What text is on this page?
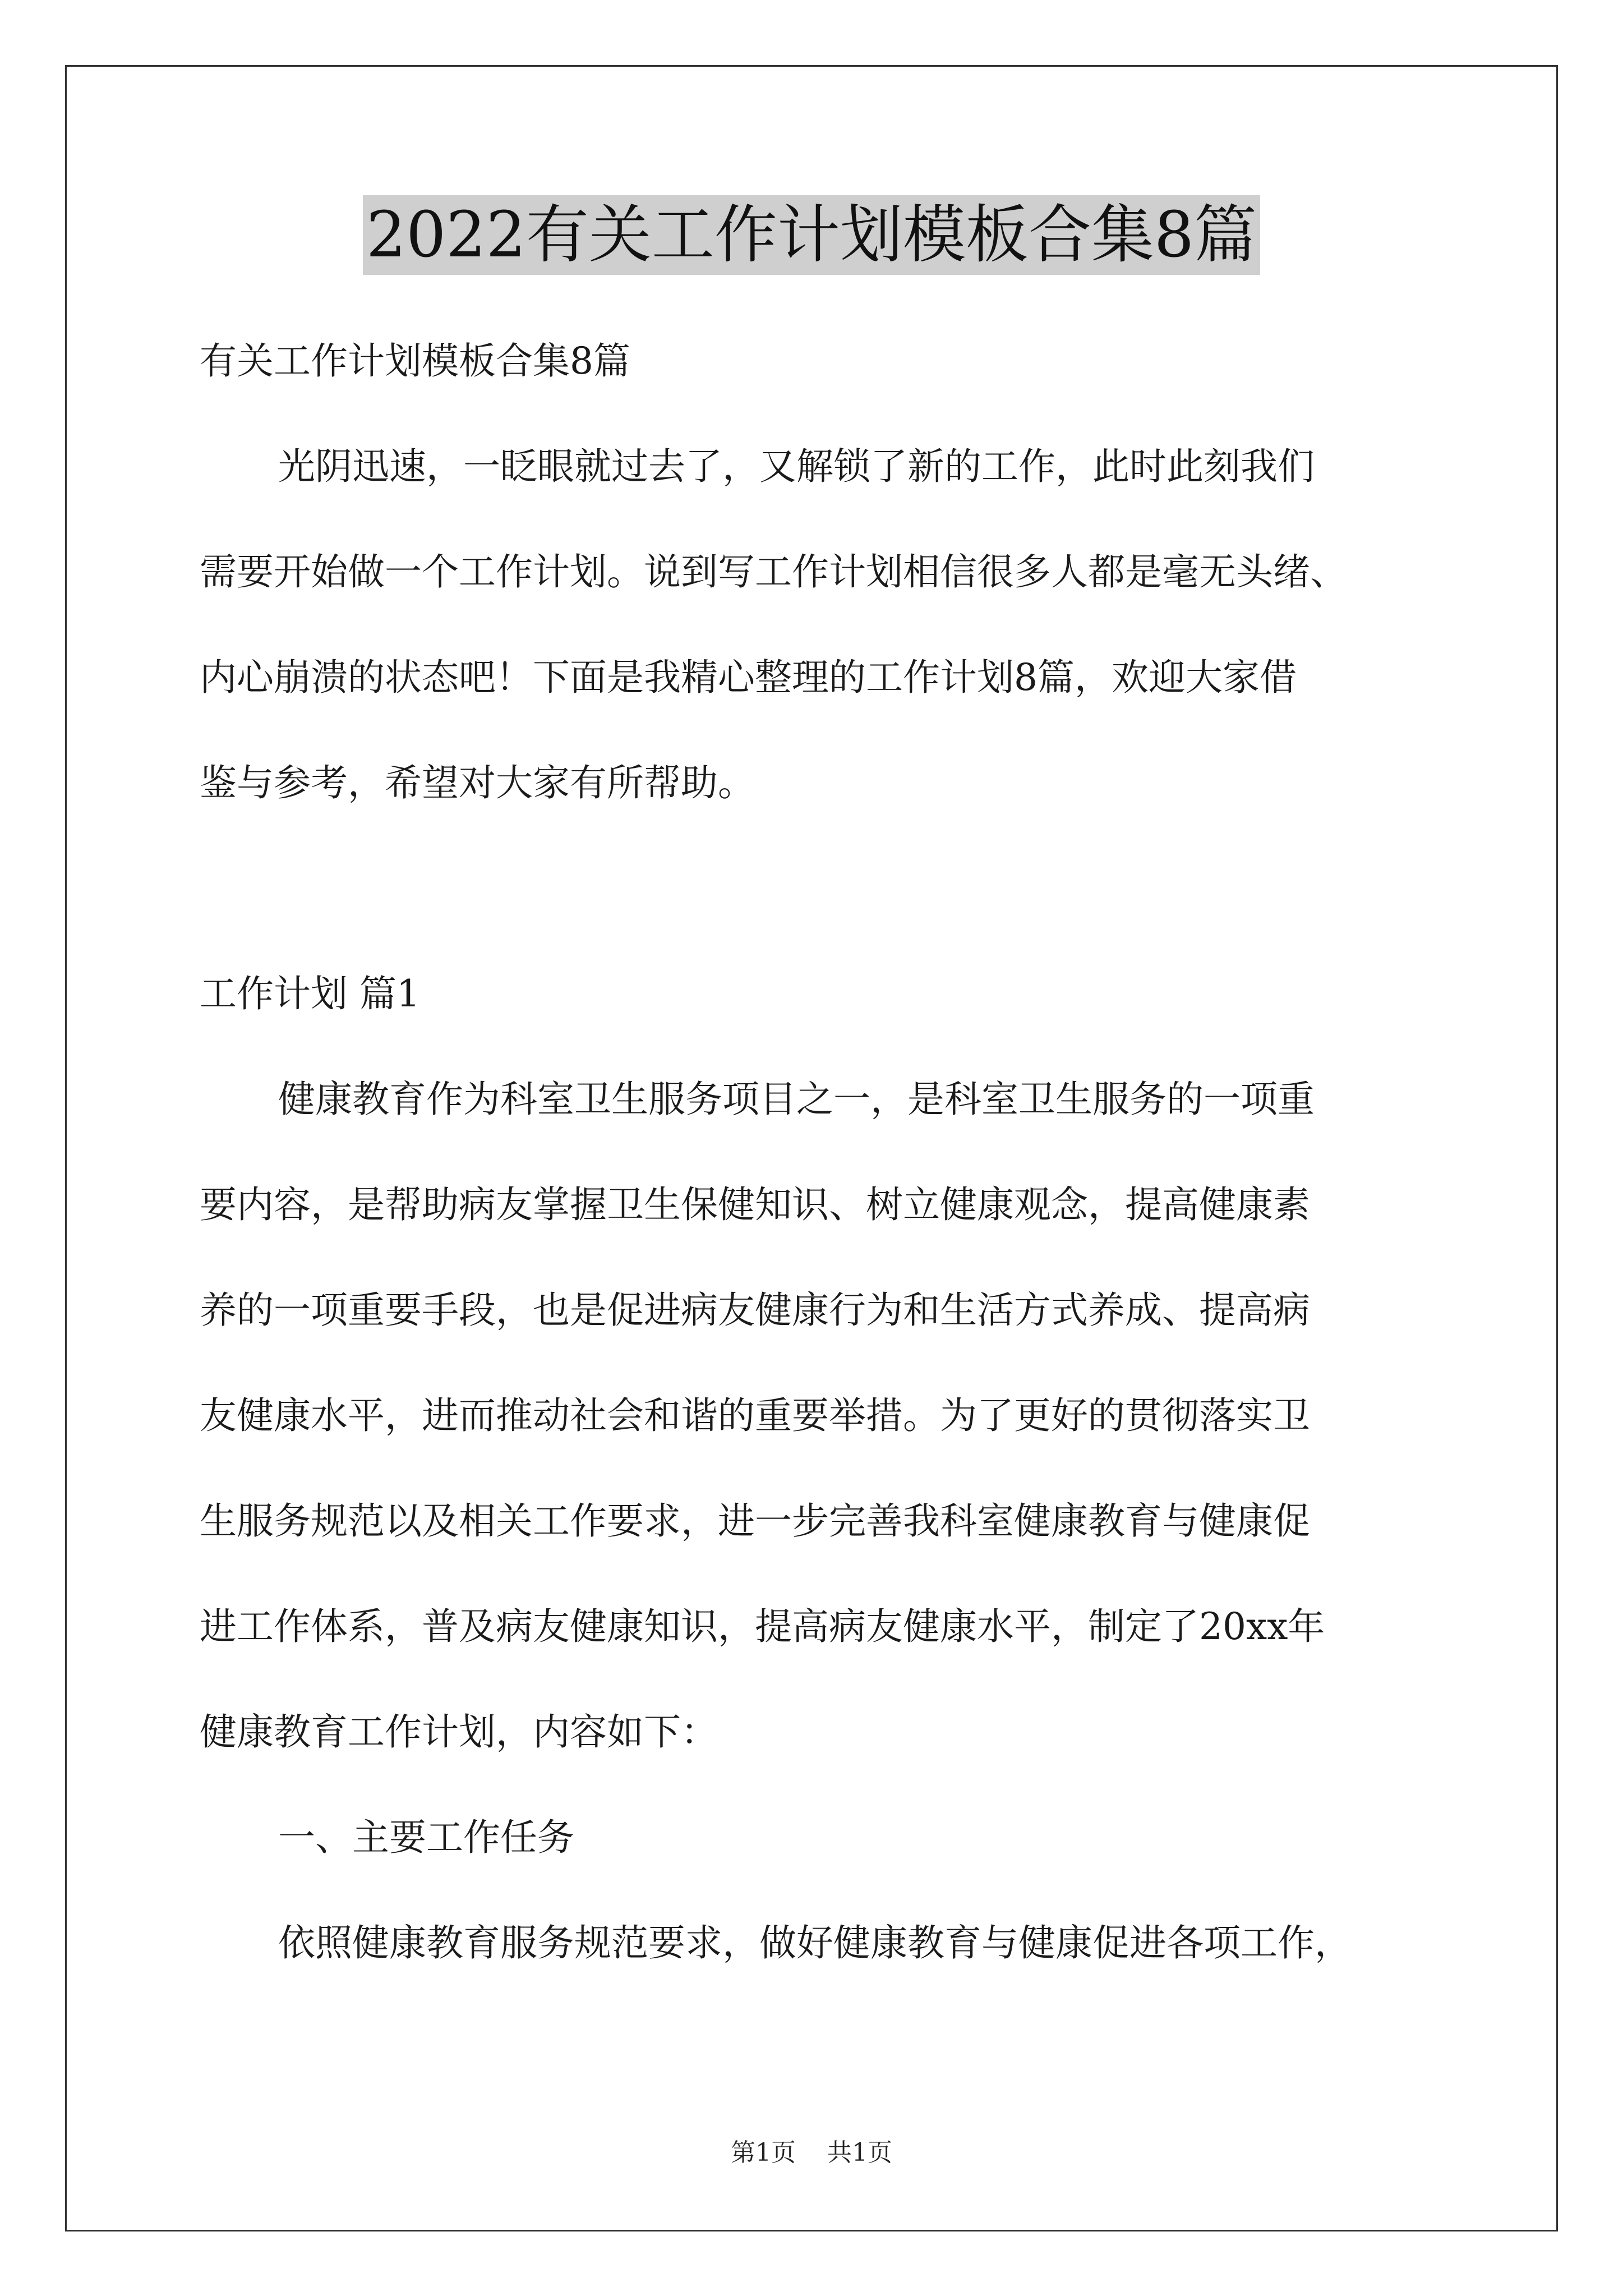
2022有关工作计划模板合集8篇
有关工作计划模板合集8篇
光阴迅速，一眨眼就过去了，又解锁了新的工作，此时此刻我们
需要开始做一个工作计划。说到写工作计划相信很多人都是毫无头绪、
内心崩溃的状态吧！下面是我精心整理的工作计划8篇，欢迎大家借
鉴与参考，希望对大家有所帮助。
工作计划 篇1
健康教育作为科室卫生服务项目之一，是科室卫生服务的一项重
要内容，是帮助病友掌握卫生保健知识、树立健康观念，提高健康素
养的一项重要手段，也是促进病友健康行为和生活方式养成、提高病
友健康水平，进而推动社会和谐的重要举措。为了更好的贯彻落实卫
生服务规范以及相关工作要求，进一步完善我科室健康教育与健康促
进工作体系，普及病友健康知识，提高病友健康水平，制定了20xx年
健康教育工作计划，内容如下：
一、主要工作任务
依照健康教育服务规范要求，做好健康教育与健康促进各项工作，
第1页 共1页
